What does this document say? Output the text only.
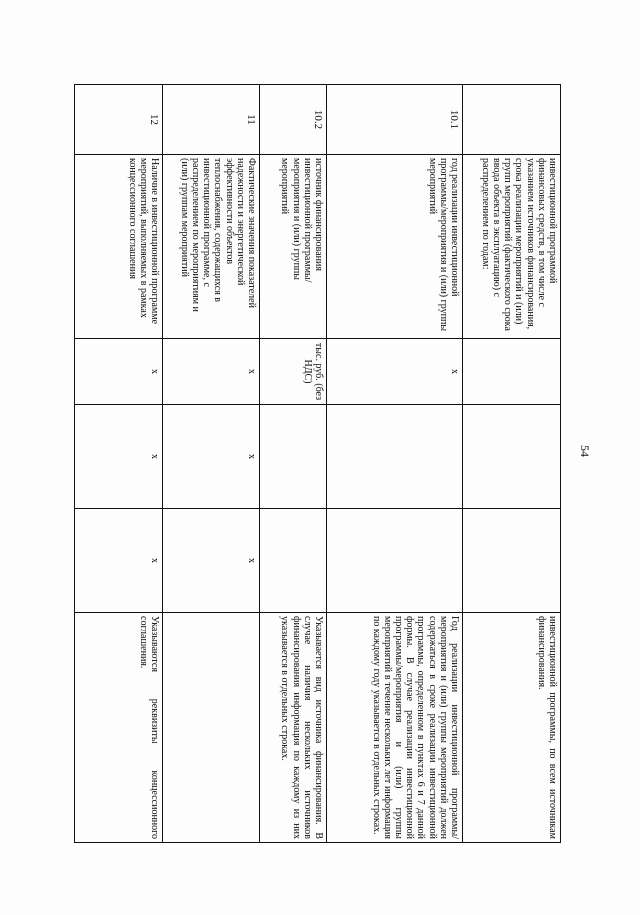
54
	инвестиционной программой финансовых средств, в том числе с указанием источников финансирования, срока реализации мероприятий и (или) групп мероприятий (фактического срока ввода объекта в эксплуатацию) с распределением по годам:				инвестиционной программы, по всем источникам финансирования.
10.1	год реализации инвестиционной программы/мероприятия и (или) группы мероприятий	x			Год реализации инвестиционной программы/мероприятия и (или) группы мероприятий должен содержаться в сроке реализации инвестиционной программы, определенном в пунктах 6 и 7 данной формы. В случае реализации инвестиционной программы/мероприятия и (или) группы мероприятий в течение нескольких лет информация по каждому году указывается в отдельных строках.
10.2	источник финансирования инвестиционной программы/мероприятия и (или) группы мероприятий	тыс. руб. (без НДС)			Указывается вид источника финансирования. В случае наличия нескольких источников финансирования информация по каждому из них указывается в отдельных строках.
11	Фактические значения показателей надежности и энергетической эффективности объектов теплоснабжения, содержащихся в инвестиционной программе, с распределением по мероприятиям и (или) группам мероприятий	x	x	x	
12	Наличие в инвестиционной программе мероприятий, выполняемых в рамках концессионного соглашения	x	x	x	Указываются реквизиты концессионного соглашения.
